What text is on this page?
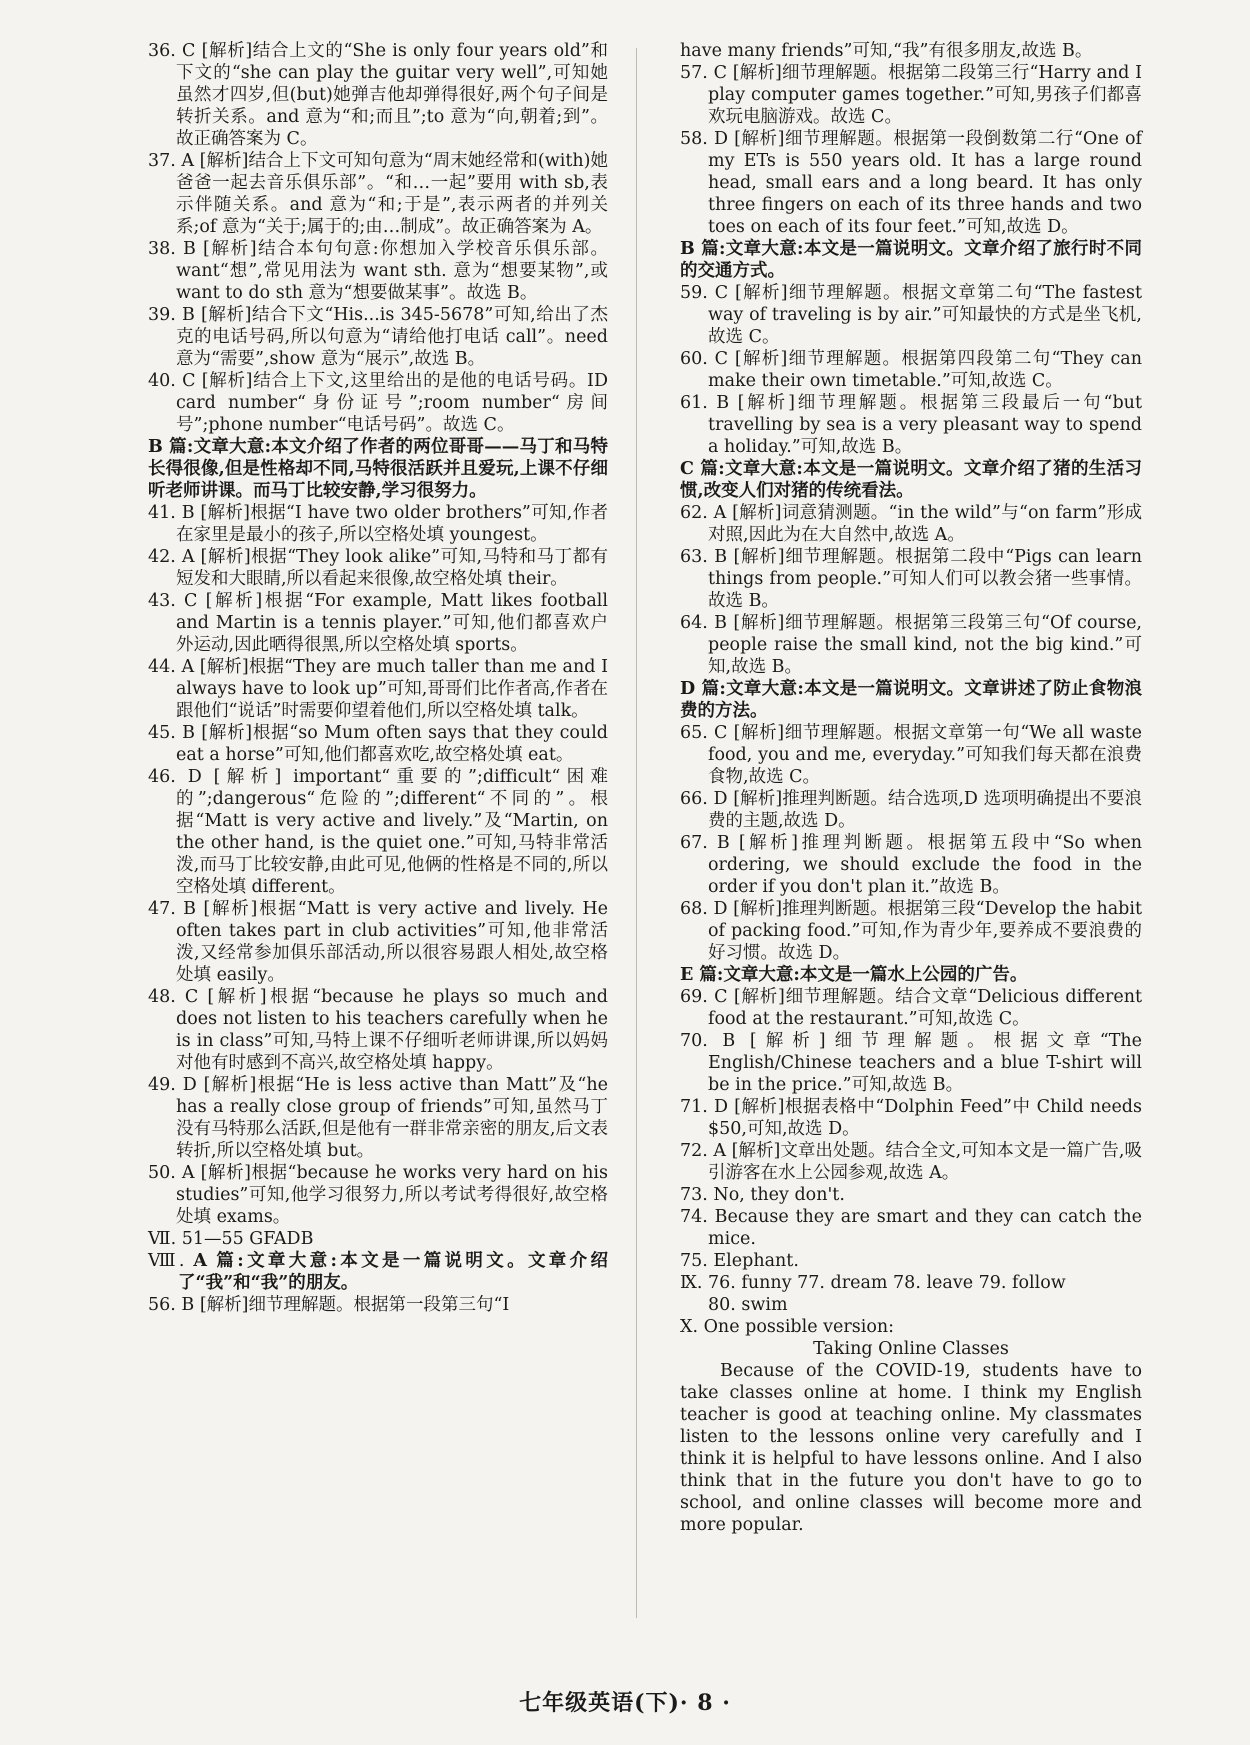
36. C [解析]结合上文的“She is only four years old”和下文的“she can play the guitar very well”,可知她虽然才四岁,但(but)她弹吉他却弹得很好,两个句子间是转折关系。and 意为“和;而且”;to 意为“向,朝着;到”。故正确答案为 C。

37. A [解析]结合上下文可知句意为“周末她经常和(with)她爸爸一起去音乐俱乐部”。“和…一起”要用 with sb,表示伴随关系。and 意为“和;于是”,表示两者的并列关系;of 意为“关于;属于的;由…制成”。故正确答案为 A。

38. B [解析]结合本句句意:你想加入学校音乐俱乐部。want“想”,常见用法为 want sth. 意为“想要某物”,或 want to do sth 意为“想要做某事”。故选 B。

39. B [解析]结合下文“His...is 345-5678”可知,给出了杰克的电话号码,所以句意为“请给他打电话 call”。need 意为“需要”,show 意为“展示”,故选 B。

40. C [解析]结合上下文,这里给出的是他的电话号码。ID card number“身份证号”;room number“房间号”;phone number“电话号码”。故选 C。

B 篇:文章大意:本文介绍了作者的两位哥哥——马丁和马特长得很像,但是性格却不同,马特很活跃并且爱玩,上课不仔细听老师讲课。而马丁比较安静,学习很努力。

41. B [解析]根据“I have two older brothers”可知,作者在家里是最小的孩子,所以空格处填 youngest。

42. A [解析]根据“They look alike”可知,马特和马丁都有短发和大眼睛,所以看起来很像,故空格处填 their。

43. C [解析]根据“For example, Matt likes football and Martin is a tennis player.”可知,他们都喜欢户外运动,因此晒得很黑,所以空格处填 sports。

44. A [解析]根据“They are much taller than me and I always have to look up”可知,哥哥们比作者高,作者在跟他们“说话”时需要仰望着他们,所以空格处填 talk。

45. B [解析]根据“so Mum often says that they could eat a horse”可知,他们都喜欢吃,故空格处填 eat。

46. D [解析] important“重要的”;difficult“困难的”;dangerous“危险的”;different“不同的”。根据“Matt is very active and lively.”及“Martin, on the other hand, is the quiet one.”可知,马特非常活泼,而马丁比较安静,由此可见,他俩的性格是不同的,所以空格处填 different。

47. B [解析]根据“Matt is very active and lively. He often takes part in club activities”可知,他非常活泼,又经常参加俱乐部活动,所以很容易跟人相处,故空格处填 easily。

48. C [解析]根据“because he plays so much and does not listen to his teachers carefully when he is in class”可知,马特上课不仔细听老师讲课,所以妈妈对他有时感到不高兴,故空格处填 happy。

49. D [解析]根据“He is less active than Matt”及“he has a really close group of friends”可知,虽然马丁没有马特那么活跃,但是他有一群非常亲密的朋友,后文表转折,所以空格处填 but。

50. A [解析]根据“because he works very hard on his studies”可知,他学习很努力,所以考试考得很好,故空格处填 exams。

Ⅶ. 51—55 GFADB

Ⅷ. A 篇:文章大意:本文是一篇说明文。文章介绍了“我”和“我”的朋友。

56. B [解析]细节理解题。根据第一段第三句“I

have many friends”可知,“我”有很多朋友,故选 B。

57. C [解析]细节理解题。根据第二段第三行“Harry and I play computer games together.”可知,男孩子们都喜欢玩电脑游戏。故选 C。

58. D [解析]细节理解题。根据第一段倒数第二行“One of my ETs is 550 years old. It has a large round head, small ears and a long beard. It has only three fingers on each of its three hands and two toes on each of its four feet.”可知,故选 D。

B 篇:文章大意:本文是一篇说明文。文章介绍了旅行时不同的交通方式。

59. C [解析]细节理解题。根据文章第二句“The fastest way of traveling is by air.”可知最快的方式是坐飞机,故选 C。

60. C [解析]细节理解题。根据第四段第二句“They can make their own timetable.”可知,故选 C。

61. B [解析]细节理解题。根据第三段最后一句“but travelling by sea is a very pleasant way to spend a holiday.”可知,故选 B。

C 篇:文章大意:本文是一篇说明文。文章介绍了猪的生活习惯,改变人们对猪的传统看法。

62. A [解析]词意猜测题。“in the wild”与“on farm”形成对照,因此为在大自然中,故选 A。

63. B [解析]细节理解题。根据第二段中“Pigs can learn things from people.”可知人们可以教会猪一些事情。故选 B。

64. B [解析]细节理解题。根据第三段第三句“Of course, people raise the small kind, not the big kind.”可知,故选 B。

D 篇:文章大意:本文是一篇说明文。文章讲述了防止食物浪费的方法。

65. C [解析]细节理解题。根据文章第一句“We all waste food, you and me, everyday.”可知我们每天都在浪费食物,故选 C。

66. D [解析]推理判断题。结合选项,D 选项明确提出不要浪费的主题,故选 D。

67. B [解析]推理判断题。根据第五段中“So when ordering, we should exclude the food in the order if you don't plan it.”故选 B。

68. D [解析]推理判断题。根据第三段“Develop the habit of packing food.”可知,作为青少年,要养成不要浪费的好习惯。故选 D。

E 篇:文章大意:本文是一篇水上公园的广告。

69. C [解析]细节理解题。结合文章“Delicious different food at the restaurant.”可知,故选 C。

70. B [解析]细节理解题。根据文章“The English/Chinese teachers and a blue T-shirt will be in the price.”可知,故选 B。

71. D [解析]根据表格中“Dolphin Feed”中 Child needs $50,可知,故选 D。

72. A [解析]文章出处题。结合全文,可知本文是一篇广告,吸引游客在水上公园参观,故选 A。

73. No, they don't.

74. Because they are smart and they can catch the mice.

75. Elephant.

Ⅸ. 76. funny 77. dream 78. leave 79. follow

80. swim

Ⅹ. One possible version:

Taking Online Classes

Because of the COVID-19, students have to take classes online at home. I think my English teacher is good at teaching online. My classmates listen to the lessons online very carefully and I think it is helpful to have lessons online. And I also think that in the future you don't have to go to school, and online classes will become more and more popular.

七年级英语(下)· 8 ·
